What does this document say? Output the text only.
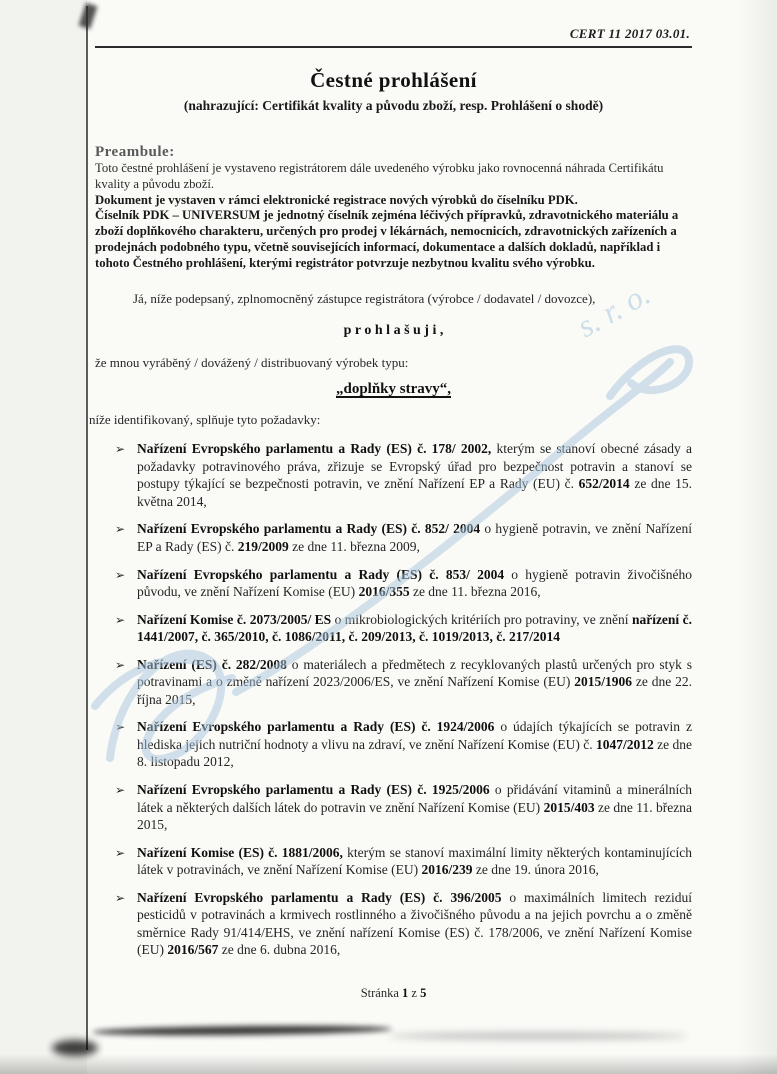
CERT 11 2017 03.01.
Čestné prohlášení
(nahrazující: Certifikát kvality a původu zboží, resp. Prohlášení o shodě)
Preambule:

Toto čestné prohlášení je vystaveno registrátorem dále uvedeného výrobku jako rovnocenná náhrada Certifikátu kvality a původu zboží.

Dokument je vystaven v rámci elektronické registrace nových výrobků do číselníku PDK.

Číselník PDK – UNIVERSUM je jednotný číselník zejména léčivých přípravků, zdravotnického materiálu a zboží doplňkového charakteru, určených pro prodej v lékárnách, nemocnicích, zdravotnických zařízeních a prodejnách podobného typu, včetně souvisejících informací, dokumentace a dalších dokladů, například i tohoto Čestného prohlášení, kterými registrátor potvrzuje nezbytnou kvalitu svého výrobku.

Já, níže podepsaný, zplnomocněný zástupce registrátora (výrobce / dodavatel / dovozce),

p r o h l a š u j i ,

že mnou vyráběný / dovážený / distribuovaný výrobek typu:

„doplňky stravy“,

níže identifikovaný, splňuje tyto požadavky:

➢ Nařízení Evropského parlamentu a Rady (ES) č. 178/ 2002, kterým se stanoví obecné zásady a požadavky potravinového práva, zřizuje se Evropský úřad pro bezpečnost potravin a stanoví se postupy týkající se bezpečnosti potravin, ve znění Nařízení EP a Rady (EU) č. 652/2014 ze dne 15. května 2014,
➢ Nařízení Evropského parlamentu a Rady (ES) č. 852/ 2004 o hygieně potravin, ve znění Nařízení EP a Rady (ES) č. 219/2009 ze dne 11. března 2009,
➢ Nařízení Evropského parlamentu a Rady (ES) č. 853/ 2004 o hygieně potravin živočišného původu, ve znění Nařízení Komise (EU) 2016/355 ze dne 11. března 2016,
➢ Nařízení Komise č. 2073/2005/ ES o mikrobiologických kritériích pro potraviny, ve znění nařízení č. 1441/2007, č. 365/2010, č. 1086/2011, č. 209/2013, č. 1019/2013, č. 217/2014
➢ Nařízení (ES) č. 282/2008 o materiálech a předmětech z recyklovaných plastů určených pro styk s potravinami a o změně nařízení 2023/2006/ES, ve znění Nařízení Komise (EU) 2015/1906 ze dne 22. října 2015,
➢ Nařízení Evropského parlamentu a Rady (ES) č. 1924/2006 o údajích týkajících se potravin z hlediska jejich nutriční hodnoty a vlivu na zdraví, ve znění Nařízení Komise (EU) č. 1047/2012 ze dne 8. listopadu 2012,
➢ Nařízení Evropského parlamentu a Rady (ES) č. 1925/2006 o přidávání vitaminů a minerálních látek a některých dalších látek do potravin ve znění Nařízení Komise (EU) 2015/403 ze dne 11. března 2015,
➢ Nařízení Komise (ES) č. 1881/2006, kterým se stanoví maximální limity některých kontaminujících látek v potravinách, ve znění Nařízení Komise (EU) 2016/239 ze dne 19. února 2016,
➢ Nařízení Evropského parlamentu a Rady (ES) č. 396/2005 o maximálních limitech reziduí pesticidů v potravinách a krmivech rostlinného a živočišného původu a na jejich povrchu a o změně směrnice Rady 91/414/EHS, ve znění nařízení Komise (ES) č. 178/2006, ve znění Nařízení Komise (EU) 2016/567 ze dne 6. dubna 2016,
Stránka 1 z 5
s. r. o.
